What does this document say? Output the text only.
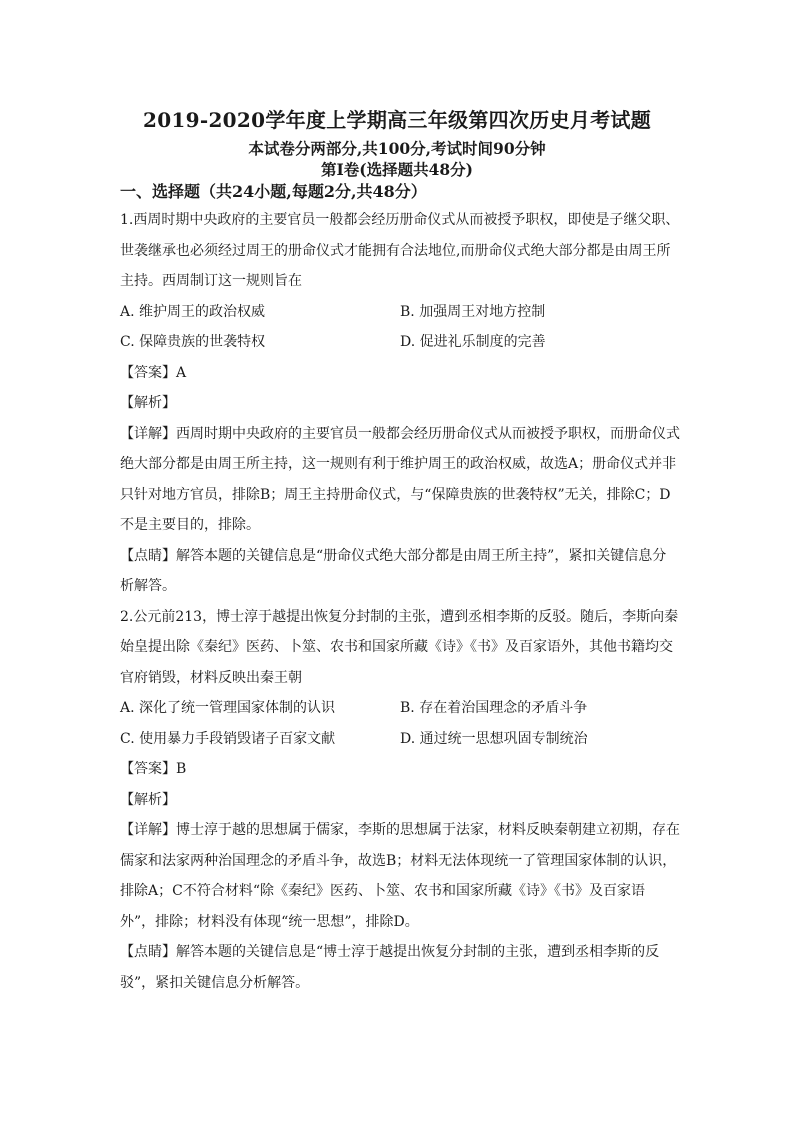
2019-2020学年度上学期高三年级第四次历史月考试题
本试卷分两部分,共100分,考试时间90分钟
第Ⅰ卷(选择题共48分)
一、选择题（共24小题,每题2分,共48分）

1.西周时期中央政府的主要官员一般都会经历册命仪式从而被授予职权，即使是子继父职、

世袭继承也必须经过周王的册命仪式才能拥有合法地位,而册命仪式绝大部分都是由周王所

主持。西周制订这一规则旨在

A. 维护周王的政治权威	B. 加强周王对地方控制
C. 保障贵族的世袭特权	D. 促进礼乐制度的完善

【答案】A

【解析】

【详解】西周时期中央政府的主要官员一般都会经历册命仪式从而被授予职权，而册命仪式

绝大部分都是由周王所主持，这一规则有利于维护周王的政治权威，故选A；册命仪式并非

只针对地方官员，排除B；周王主持册命仪式，与“保障贵族的世袭特权”无关，排除C；D

不是主要目的，排除。

【点睛】解答本题的关键信息是“册命仪式绝大部分都是由周王所主持”，紧扣关键信息分

析解答。

2.公元前213，博士淳于越提出恢复分封制的主张，遭到丞相李斯的反驳。随后，李斯向秦

始皇提出除《秦纪》医药、卜筮、农书和国家所藏《诗》《书》及百家语外，其他书籍均交

官府销毁，材料反映出秦王朝

A. 深化了统一管理国家体制的认识	B. 存在着治国理念的矛盾斗争
C. 使用暴力手段销毁诸子百家文献	D. 通过统一思想巩固专制统治

【答案】B

【解析】

【详解】博士淳于越的思想属于儒家，李斯的思想属于法家，材料反映秦朝建立初期，存在

儒家和法家两种治国理念的矛盾斗争，故选B；材料无法体现统一了管理国家体制的认识，

排除A；C不符合材料“除《秦纪》医药、卜筮、农书和国家所藏《诗》《书》及百家语

外”，排除；材料没有体现“统一思想”，排除D。

【点睛】解答本题的关键信息是“博士淳于越提出恢复分封制的主张，遭到丞相李斯的反

驳”，紧扣关键信息分析解答。
